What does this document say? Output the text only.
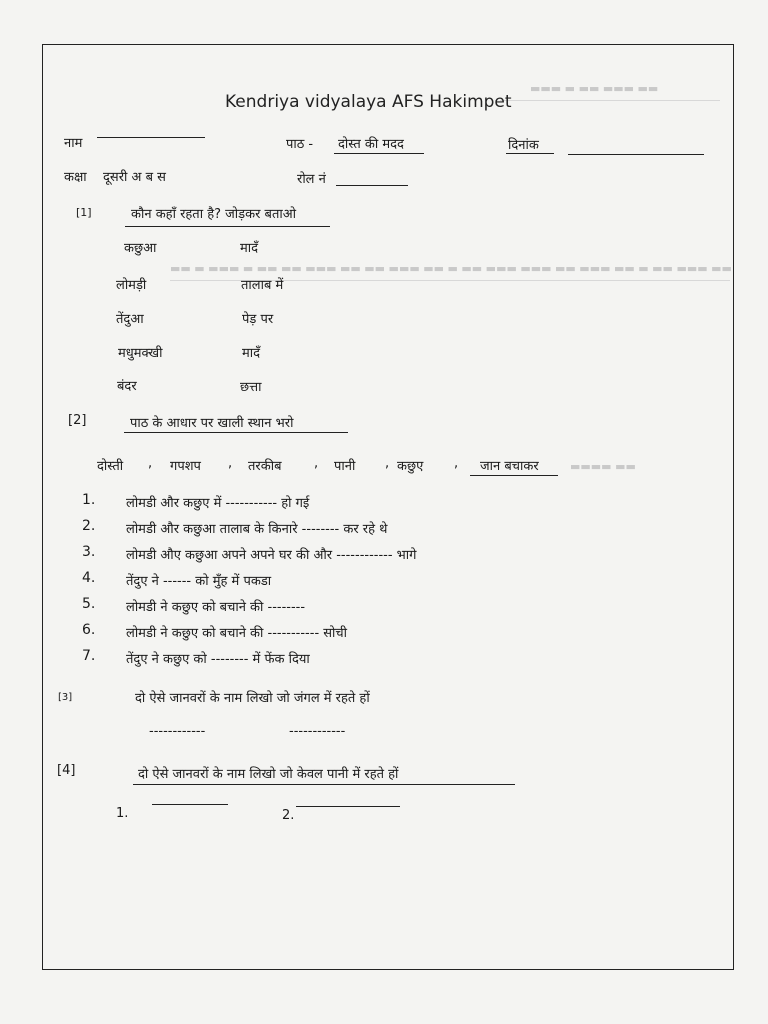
▬▬▬ ▬ ▬▬ ▬▬▬ ▬▬
▬▬ ▬ ▬▬▬ ▬ ▬▬ ▬▬ ▬▬▬ ▬▬ ▬▬ ▬▬▬ ▬▬ ▬ ▬▬ ▬▬▬ ▬▬▬ ▬▬ ▬▬▬ ▬▬ ▬ ▬▬ ▬▬▬ ▬▬
▬▬▬▬ ▬▬
Kendriya vidyalaya AFS Hakimpet
नाम	पाठ - दोस्त की मदद	दिनांक
कक्षा दूसरी अ ब स	रोल नं
[1]	कौन कहाँ रहता है? जोड़कर बताओ
कछुआ	मादँ
लोमड़ी	तालाब में
तेंदुआ	पेड़ पर
मधुमक्खी	मादँ
बंदर	छत्ता
[2]	पाठ के आधार पर खाली स्थान भरो
दोस्ती , गपशप , तरकीब , पानी , कछुए , जान बचाकर
1. लोमडी और कछुए में ----------- हो गई
2. लोमडी और कछुआ तालाब के किनारे -------- कर रहे थे
3. लोमडी औए कछुआ अपने अपने घर की और ------------ भागे
4. तेंदुए ने ------ को मुँह में पकडा
5. लोमडी ने कछुए को बचाने की --------
6. लोमडी ने कछुए को बचाने की ----------- सोची
7. तेंदुए ने कछुए को -------- में फेंक दिया
[3]	दो ऐसे जानवरों के नाम लिखो जो जंगल में रहते हों
------------	------------
[4]	दो ऐसे जानवरों के नाम लिखो जो केवल पानी में रहते हों
1.	2.
